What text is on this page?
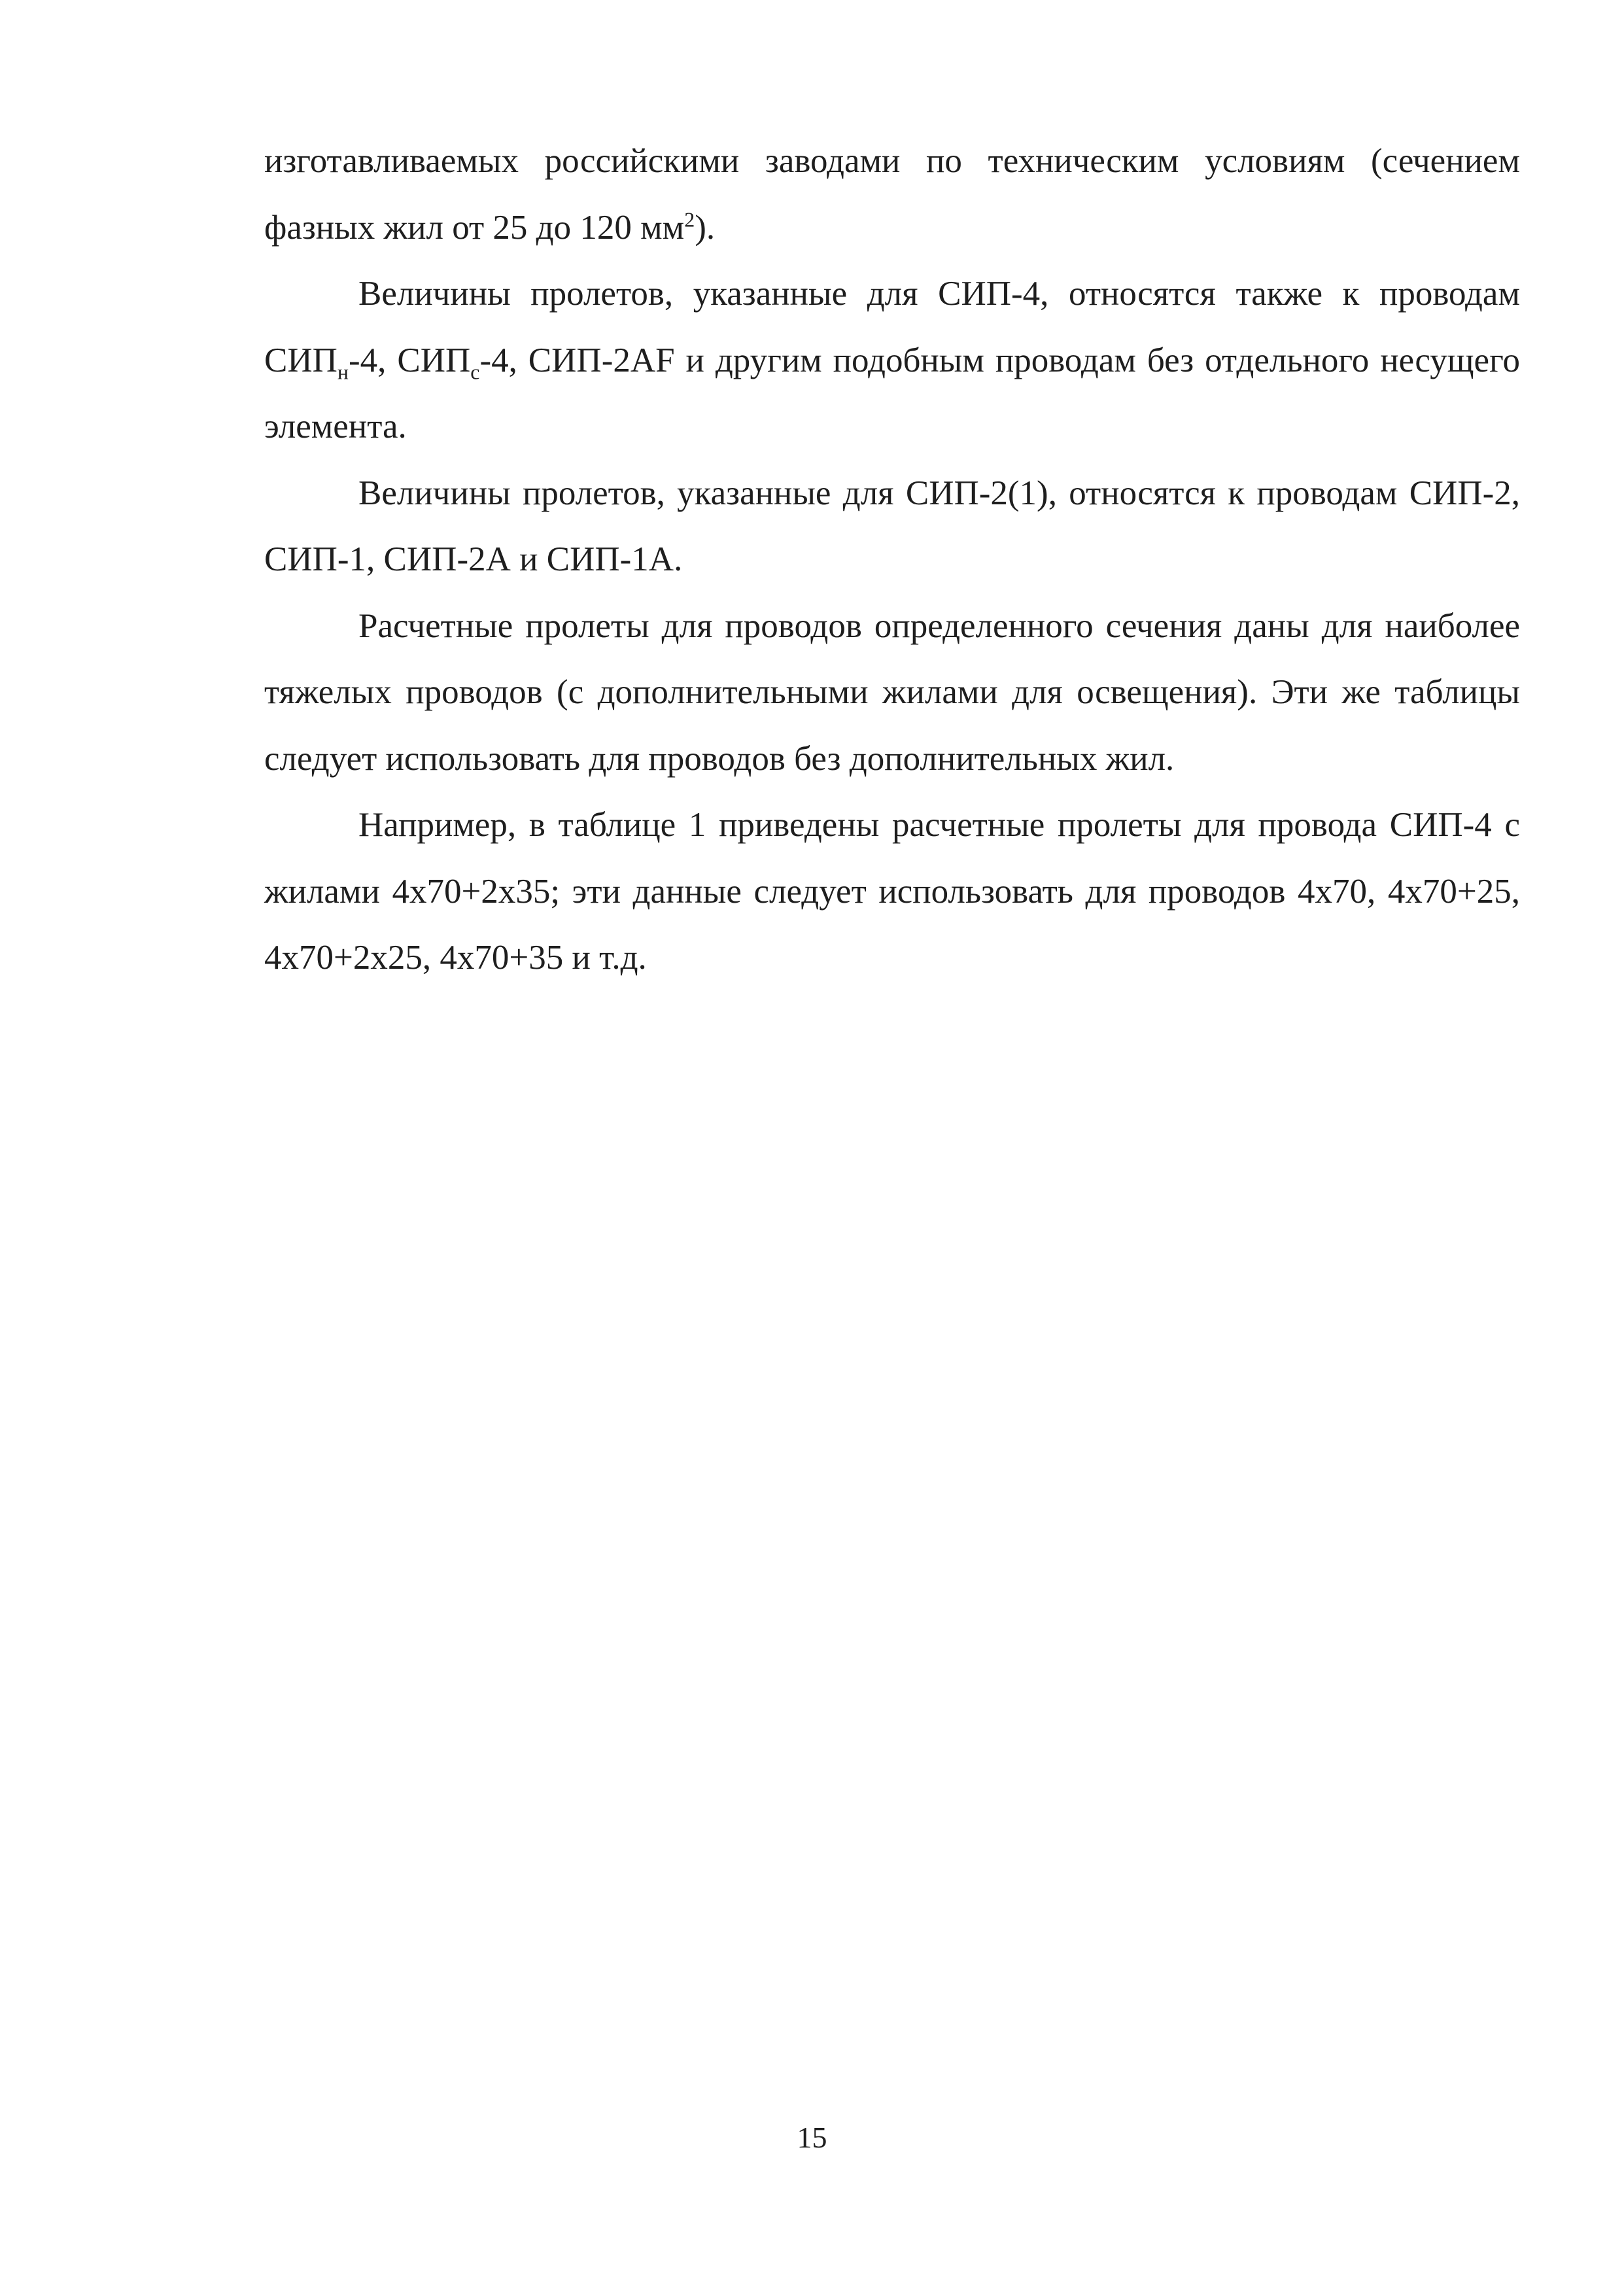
изготавливаемых российскими заводами по техническим условиям (сечением фазных жил от 25 до 120 $мм^2$).

Величины пролетов, указанные для СИП-4, относятся также к проводам $СИП_н-4$, $СИП_с-4$, СИП-2AF и другим подобным проводам без отдельного несущего элемента.

Величины пролетов, указанные для СИП-2(1), относятся к проводам СИП-2, СИП-1, СИП-2А и СИП-1А.

Расчетные пролеты для проводов определенного сечения даны для наиболее тяжелых проводов (с дополнительными жилами для освещения). Эти же таблицы следует использовать для проводов без дополнительных жил.

Например, в таблице 1 приведены расчетные пролеты для провода СИП-4 с жилами 4х70+2х35; эти данные следует использовать для проводов 4х70, 4х70+25, 4х70+2х25, 4х70+35 и т.д.

15
